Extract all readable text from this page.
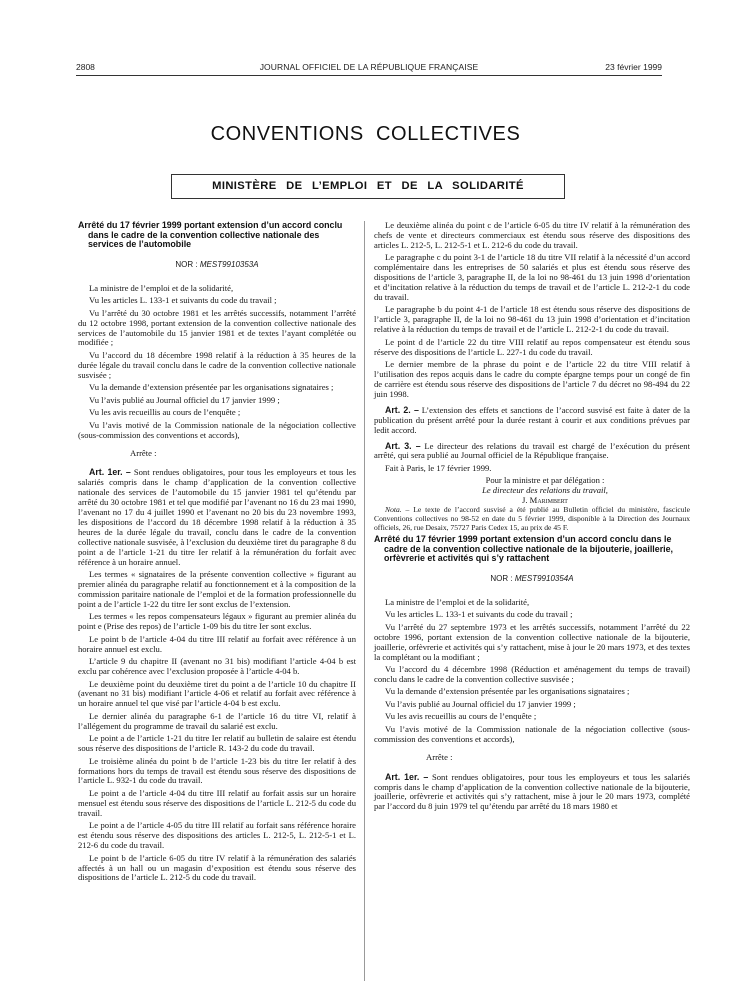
2808	JOURNAL OFFICIEL DE LA RÉPUBLIQUE FRANÇAISE	23 février 1999
CONVENTIONS COLLECTIVES
MINISTÈRE DE L’EMPLOI ET DE LA SOLIDARITÉ
Arrêté du 17 février 1999 portant extension d’un accord conclu dans le cadre de la convention collective nationale des services de l’automobile
NOR : MEST9910353A

La ministre de l’emploi et de la solidarité,

Vu les articles L. 133-1 et suivants du code du travail ;

Vu l’arrêté du 30 octobre 1981 et les arrêtés successifs, notamment l’arrêté du 12 octobre 1998, portant extension de la convention collective nationale des services de l’automobile du 15 janvier 1981 et de textes l’ayant complétée ou modifiée ;

Vu l’accord du 18 décembre 1998 relatif à la réduction à 35 heures de la durée légale du travail conclu dans le cadre de la convention collective nationale susvisée ;

Vu la demande d’extension présentée par les organisations signataires ;

Vu l’avis publié au Journal officiel du 17 janvier 1999 ;

Vu les avis recueillis au cours de l’enquête ;

Vu l’avis motivé de la Commission nationale de la négociation collective (sous-commission des conventions et accords),

Arrête :

Art. 1er. – Sont rendues obligatoires, pour tous les employeurs et tous les salariés compris dans le champ d’application de la convention collective nationale des services de l’automobile du 15 janvier 1981 tel qu’étendu par arrêté du 30 octobre 1981 et tel que modifié par l’avenant no 16 du 23 mai 1990, l’avenant no 17 du 4 juillet 1990 et l’avenant no 20 bis du 23 novembre 1993, les dispositions de l’accord du 18 décembre 1998 relatif à la réduction à 35 heures de la durée légale du travail, conclu dans le cadre de la convention collective nationale susvisée, à l’exclusion du deuxième tiret du paragraphe 8 du point a de l’article 1-21 du titre Ier relatif à la rémunération du forfait avec référence à un horaire annuel.

Les termes « signataires de la présente convention collective » figurant au premier alinéa du paragraphe relatif au fonctionnement et à la composition de la commission paritaire nationale de l’emploi et de la formation professionnelle du point a de l’article 1-22 du titre Ier sont exclus de l’extension.

Les termes « les repos compensateurs légaux » figurant au premier alinéa du point e (Prise des repos) de l’article 1-09 bis du titre Ier sont exclus.

Le point b de l’article 4-04 du titre III relatif au forfait avec référence à un horaire annuel est exclu.

L’article 9 du chapitre II (avenant no 31 bis) modifiant l’article 4-04 b est exclu par cohérence avec l’exclusion proposée à l’article 4-04 b.

Le deuxième point du deuxième tiret du point a de l’article 10 du chapitre II (avenant no 31 bis) modifiant l’article 4-06 et relatif au forfait avec référence à un horaire annuel tel que visé par l’article 4-04 b est exclu.

Le dernier alinéa du paragraphe 6-1 de l’article 16 du titre VI, relatif à l’allégement du programme de travail du salarié est exclu.

Le point a de l’article 1-21 du titre Ier relatif au bulletin de salaire est étendu sous réserve des dispositions de l’article R. 143-2 du code du travail.

Le troisième alinéa du point b de l’article 1-23 bis du titre Ier relatif à des formations hors du temps de travail est étendu sous réserve des dispositions de l’article L. 932-1 du code du travail.

Le point a de l’article 4-04 du titre III relatif au forfait assis sur un horaire mensuel est étendu sous réserve des dispositions de l’article L. 212-5 du code du travail.

Le point a de l’article 4-05 du titre III relatif au forfait sans référence horaire est étendu sous réserve des dispositions des articles L. 212-5, L. 212-5-1 et L. 212-6 du code du travail.

Le point b de l’article 6-05 du titre IV relatif à la rémunération des salariés affectés à un hall ou un magasin d’exposition est étendu sous réserve des dispositions de l’article L. 212-5 du code du travail.

Le deuxième alinéa du point c de l’article 6-05 du titre IV relatif à la rémunération des chefs de vente et directeurs commerciaux est étendu sous réserve des dispositions des articles L. 212-5, L. 212-5-1 et L. 212-6 du code du travail.

Le paragraphe c du point 3-1 de l’article 18 du titre VII relatif à la nécessité d’un accord complémentaire dans les entreprises de 50 salariés et plus est étendu sous réserve des dispositions de l’article 3, paragraphe II, de la loi no 98-461 du 13 juin 1998 d’orientation et d’incitation relative à la réduction du temps de travail et de l’article L. 212-2-1 du code du travail.

Le paragraphe b du point 4-1 de l’article 18 est étendu sous réserve des dispositions de l’article 3, paragraphe II, de la loi no 98-461 du 13 juin 1998 d’orientation et d’incitation relative à la réduction du temps de travail et de l’article L. 212-2-1 du code du travail.

Le point d de l’article 22 du titre VIII relatif au repos compensateur est étendu sous réserve des dispositions de l’article L. 227-1 du code du travail.

Le dernier membre de la phrase du point e de l’article 22 du titre VIII relatif à l’utilisation des repos acquis dans le cadre du compte épargne temps pour un congé de fin de carrière est étendu sous réserve des dispositions de l’article 7 du décret no 98-494 du 22 juin 1998.

Art. 2. – L’extension des effets et sanctions de l’accord susvisé est faite à dater de la publication du présent arrêté pour la durée restant à courir et aux conditions prévues par ledit accord.

Art. 3. – Le directeur des relations du travail est chargé de l’exécution du présent arrêté, qui sera publié au Journal officiel de la République française.

Fait à Paris, le 17 février 1999.

Pour la ministre et par délégation :
Le directeur des relations du travail,
J. Marimbert

Nota. – Le texte de l’accord susvisé a été publié au Bulletin officiel du ministère, fascicule Conventions collectives no 98-52 en date du 5 février 1999, disponible à la Direction des Journaux officiels, 26, rue Desaix, 75727 Paris Cedex 15, au prix de 45 F.

Arrêté du 17 février 1999 portant extension d’un accord conclu dans le cadre de la convention collective nationale de la bijouterie, joaillerie, orfèvrerie et activités qui s’y rattachent
NOR : MEST9910354A

La ministre de l’emploi et de la solidarité,

Vu les articles L. 133-1 et suivants du code du travail ;

Vu l’arrêté du 27 septembre 1973 et les arrêtés successifs, notamment l’arrêté du 22 octobre 1996, portant extension de la convention collective nationale de la bijouterie, joaillerie, orfèvrerie et activités qui s’y rattachent, mise à jour le 20 mars 1973, et des textes la complétant ou la modifiant ;

Vu l’accord du 4 décembre 1998 (Réduction et aménagement du temps de travail) conclu dans le cadre de la convention collective susvisée ;

Vu la demande d’extension présentée par les organisations signataires ;

Vu l’avis publié au Journal officiel du 17 janvier 1999 ;

Vu les avis recueillis au cours de l’enquête ;

Vu l’avis motivé de la Commission nationale de la négociation collective (sous-commission des conventions et accords),

Arrête :

Art. 1er. – Sont rendues obligatoires, pour tous les employeurs et tous les salariés compris dans le champ d’application de la convention collective nationale de la bijouterie, joaillerie, orfèvrerie et activités qui s’y rattachent, mise à jour le 20 mars 1973, complété par l’accord du 8 juin 1979 tel qu’étendu par arrêté du 18 mars 1980 et
